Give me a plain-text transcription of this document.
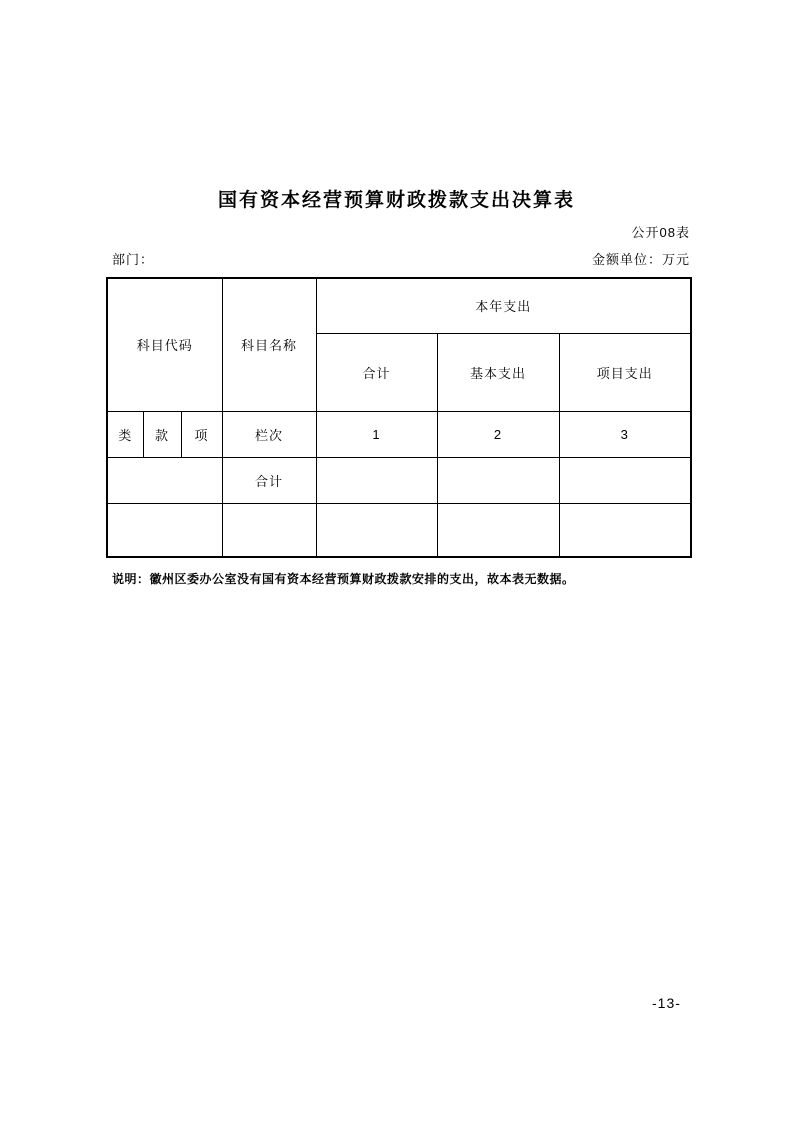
国有资本经营预算财政拨款支出决算表
公开08表
部门：	金额单位：万元
科目代码			科目名称	本年支出		
				合计	基本支出	项目支出
类	款	项	栏次	1	2	3
			合计			

说明：徽州区委办公室没有国有资本经营预算财政拨款安排的支出，故本表无数据。
-13-
